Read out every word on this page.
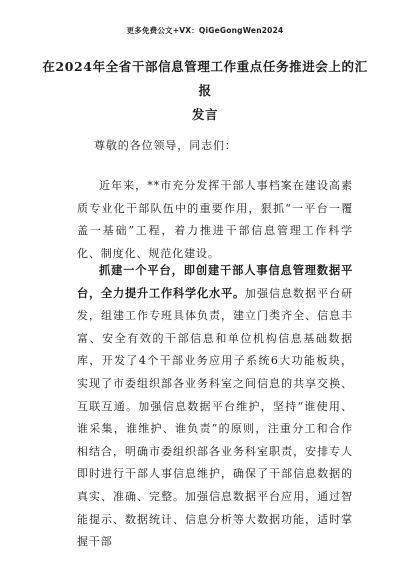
更多免费公文+VX：QiGeGongWen2024
在2024年全省干部信息管理工作重点任务推进会上的汇报
发言
尊敬的各位领导，同志们：
近年来，**市充分发挥干部人事档案在建设高素质专业化干部队伍中的重要作用，狠抓“一平台一覆盖一基础”工程，着力推进干部信息管理工作科学化、制度化、规范化建设。
抓建一个平台，即创建干部人事信息管理数据平台，全力提升工作科学化水平。加强信息数据平台研发，组建工作专班具体负责，建立门类齐全、信息丰富、安全有效的干部信息和单位机构信息基础数据库，开发了4个干部业务应用子系统6大功能板块，实现了市委组织部各业务科室之间信息的共享交换、互联互通。加强信息数据平台维护，坚持“谁使用、谁采集，谁维护、谁负责”的原则，注重分工和合作相结合，明确市委组织部各业务科室职责，安排专人即时进行干部人事信息维护，确保了干部信息数据的真实、准确、完整。加强信息数据平台应用，通过智能提示、数据统计、信息分析等大数据功能，适时掌握干部
